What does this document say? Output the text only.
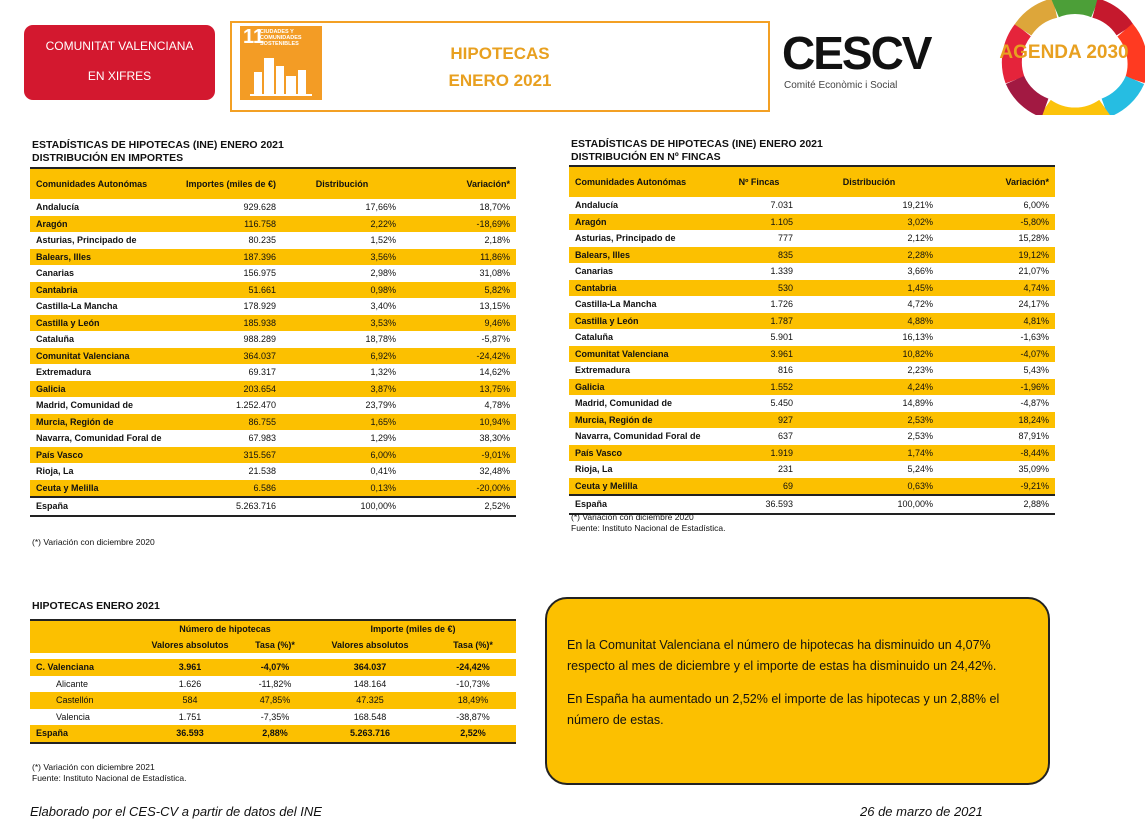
COMUNITAT VALENCIANA
EN XIFRES
11
CIUDADES Y COMUNIDADES SOSTENIBLES	HIPOTECAS
ENERO 2021
CESCV
Comité Econòmic i Social
AGENDA 2030
ESTADÍSTICAS DE HIPOTECAS (INE) ENERO 2021
DISTRIBUCIÓN EN IMPORTES
Comunidades Autonómas	Importes (miles de €)	Distribución	Variación*
Andalucía	929.628	17,66%	18,70%
Aragón	116.758	2,22%	-18,69%
Asturias, Principado de	80.235	1,52%	2,18%
Balears, Illes	187.396	3,56%	11,86%
Canarias	156.975	2,98%	31,08%
Cantabria	51.661	0,98%	5,82%
Castilla-La Mancha	178.929	3,40%	13,15%
Castilla y León	185.938	3,53%	9,46%
Cataluña	988.289	18,78%	-5,87%
Comunitat Valenciana	364.037	6,92%	-24,42%
Extremadura	69.317	1,32%	14,62%
Galicia	203.654	3,87%	13,75%
Madrid, Comunidad de	1.252.470	23,79%	4,78%
Murcia, Región de	86.755	1,65%	10,94%
Navarra, Comunidad Foral de	67.983	1,29%	38,30%
País Vasco	315.567	6,00%	-9,01%
Rioja, La	21.538	0,41%	32,48%
Ceuta y Melilla	6.586	0,13%	-20,00%
España	5.263.716	100,00%	2,52%
(*) Variación con diciembre 2020
ESTADÍSTICAS DE HIPOTECAS (INE) ENERO 2021
DISTRIBUCIÓN EN Nº FINCAS
Comunidades Autonómas	Nº Fincas	Distribución	Variación*
Andalucía	7.031	19,21%	6,00%
Aragón	1.105	3,02%	-5,80%
Asturias, Principado de	777	2,12%	15,28%
Balears, Illes	835	2,28%	19,12%
Canarias	1.339	3,66%	21,07%
Cantabria	530	1,45%	4,74%
Castilla-La Mancha	1.726	4,72%	24,17%
Castilla y León	1.787	4,88%	4,81%
Cataluña	5.901	16,13%	-1,63%
Comunitat Valenciana	3.961	10,82%	-4,07%
Extremadura	816	2,23%	5,43%
Galicia	1.552	4,24%	-1,96%
Madrid, Comunidad de	5.450	14,89%	-4,87%
Murcia, Región de	927	2,53%	18,24%
Navarra, Comunidad Foral de	637	2,53%	87,91%
País Vasco	1.919	1,74%	-8,44%
Rioja, La	231	5,24%	35,09%
Ceuta y Melilla	69	0,63%	-9,21%
España	36.593	100,00%	2,88%
(*) Variación con diciembre 2020
Fuente: Instituto Nacional de Estadística.
HIPOTECAS ENERO 2021
	Número de hipotecas		Importe (miles de €)	
	Valores absolutos	Tasa (%)*	Valores absolutos	Tasa (%)*

C. Valenciana	3.961	-4,07%	364.037	-24,42%
Alicante	1.626	-11,82%	148.164	-10,73%
Castellón	584	47,85%	47.325	18,49%
Valencia	1.751	-7,35%	168.548	-38,87%
España	36.593	2,88%	5.263.716	2,52%
(*) Variación con diciembre 2021
Fuente: Instituto Nacional de Estadística.

En la Comunitat Valenciana el número de hipotecas ha disminuido un 4,07% respecto al mes de diciembre y el importe de estas ha disminuido un 24,42%.

En España ha aumentado un 2,52% el importe de las hipotecas y un 2,88% el número de estas.

Elaborado por el CES-CV a partir de datos del INE	26 de marzo de 2021
